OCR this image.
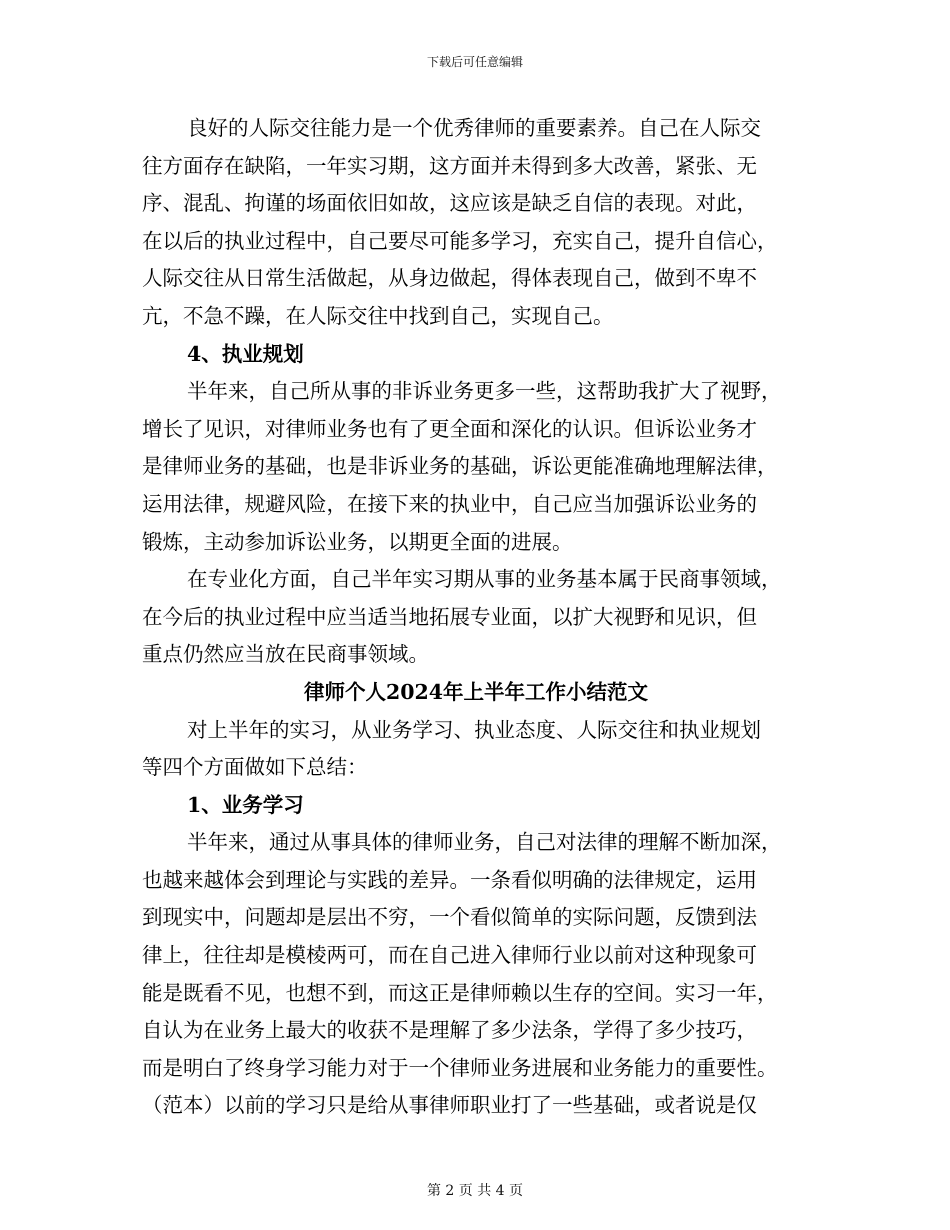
下载后可任意编辑
良好的人际交往能力是一个优秀律师的重要素养。自己在人际交
往方面存在缺陷，一年实习期，这方面并未得到多大改善，紧张、无
序、混乱、拘谨的场面依旧如故，这应该是缺乏自信的表现。对此，
在以后的执业过程中，自己要尽可能多学习，充实自己，提升自信心，
人际交往从日常生活做起，从身边做起，得体表现自己，做到不卑不
亢，不急不躁，在人际交往中找到自己，实现自己。
4、执业规划
半年来，自己所从事的非诉业务更多一些，这帮助我扩大了视野，
增长了见识，对律师业务也有了更全面和深化的认识。但诉讼业务才
是律师业务的基础，也是非诉业务的基础，诉讼更能准确地理解法律，
运用法律，规避风险，在接下来的执业中，自己应当加强诉讼业务的
锻炼，主动参加诉讼业务，以期更全面的进展。
在专业化方面，自己半年实习期从事的业务基本属于民商事领域，
在今后的执业过程中应当适当地拓展专业面，以扩大视野和见识，但
重点仍然应当放在民商事领域。
律师个人2024年上半年工作小结范文
对上半年的实习，从业务学习、执业态度、人际交往和执业规划
等四个方面做如下总结：
1、业务学习
半年来，通过从事具体的律师业务，自己对法律的理解不断加深，
也越来越体会到理论与实践的差异。一条看似明确的法律规定，运用
到现实中，问题却是层出不穷，一个看似简单的实际问题，反馈到法
律上，往往却是模棱两可，而在自己进入律师行业以前对这种现象可
能是既看不见，也想不到，而这正是律师赖以生存的空间。实习一年，
自认为在业务上最大的收获不是理解了多少法条，学得了多少技巧，
而是明白了终身学习能力对于一个律师业务进展和业务能力的重要性。
（范本）以前的学习只是给从事律师职业打了一些基础，或者说是仅
第 2 页 共 4 页
